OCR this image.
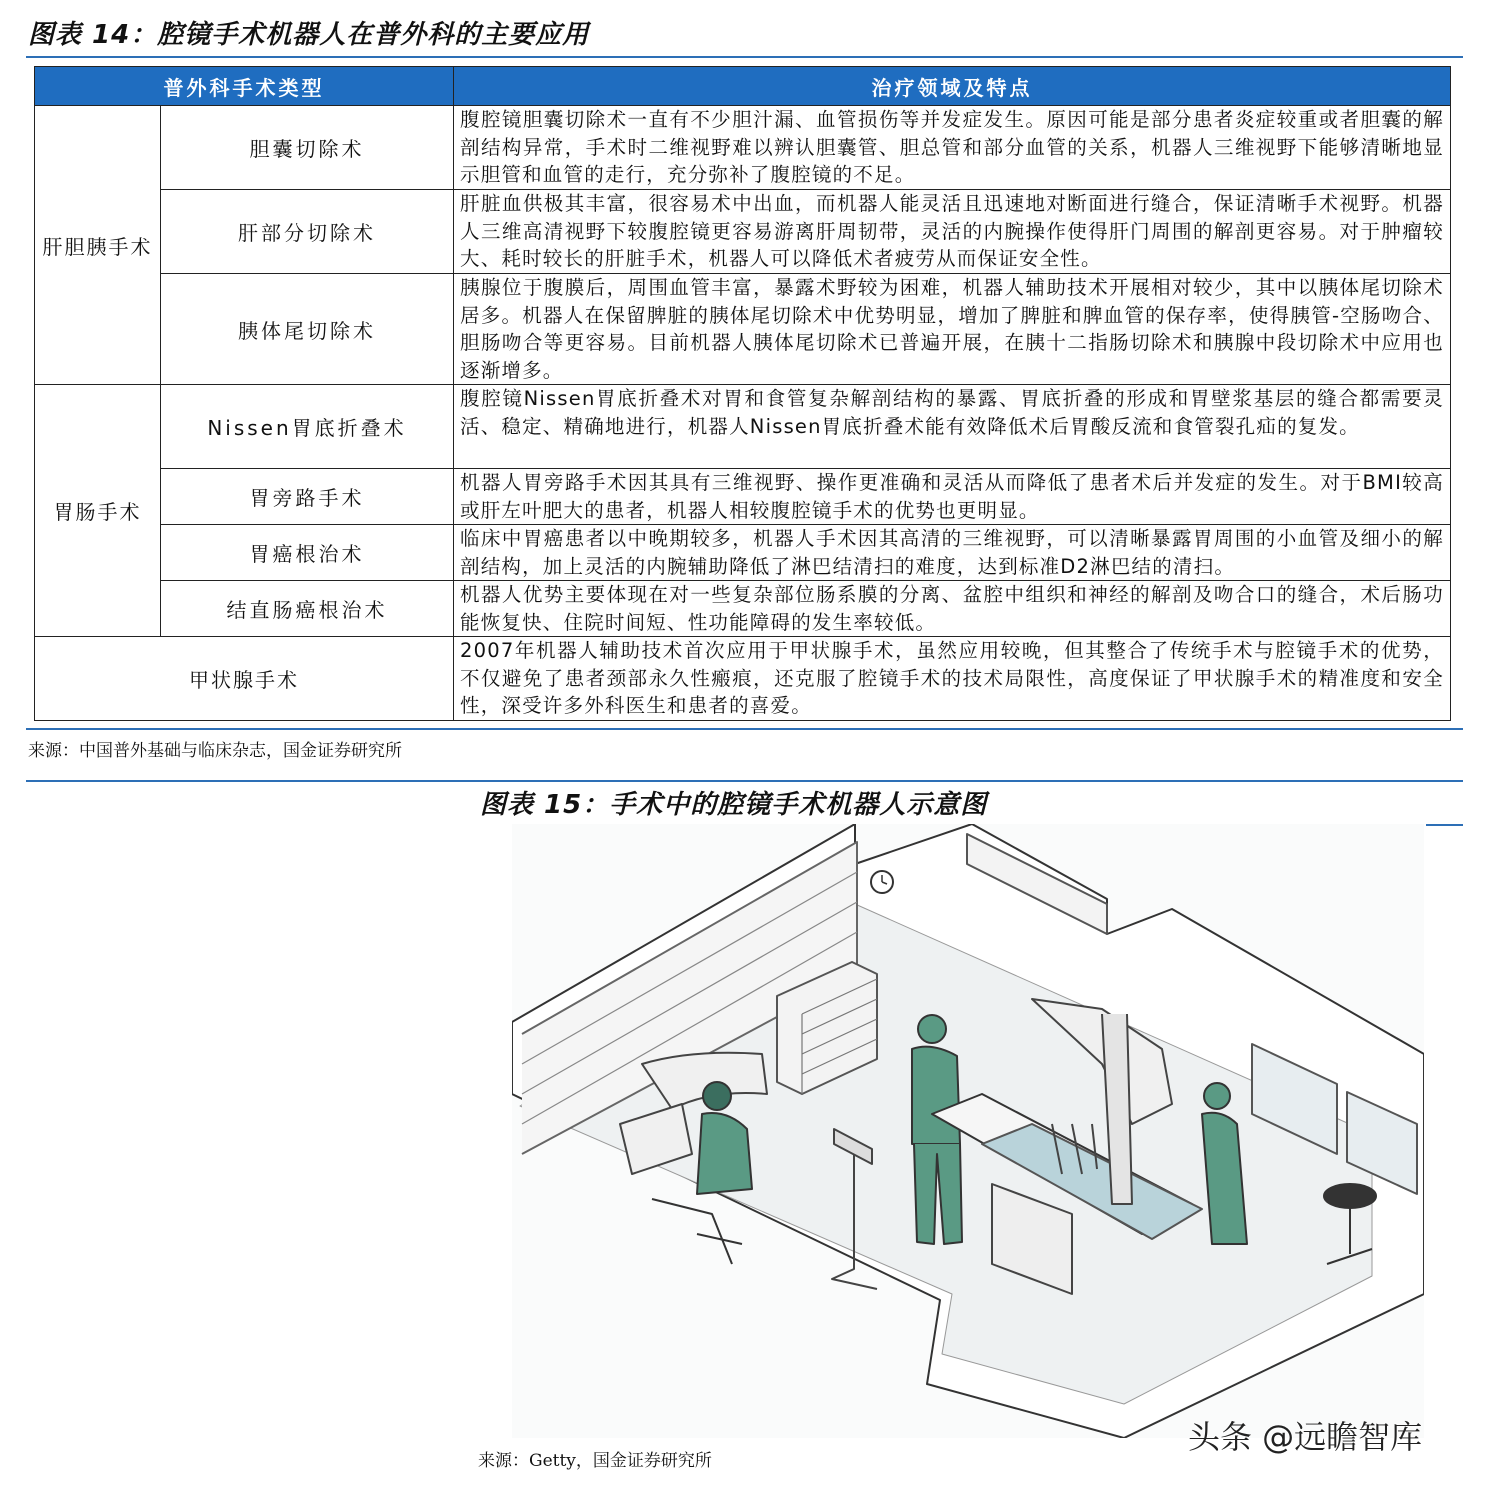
图表 14：腔镜手术机器人在普外科的主要应用
普外科手术类型		治疗领域及特点
肝胆胰手术	胆囊切除术	腹腔镜胆囊切除术一直有不少胆汁漏、血管损伤等并发症发生。原因可能是部分患者炎症较重或者胆囊的解剖结构异常，手术时二维视野难以辨认胆囊管、胆总管和部分血管的关系，机器人三维视野下能够清晰地显示胆管和血管的走行，充分弥补了腹腔镜的不足。
	肝部分切除术	肝脏血供极其丰富，很容易术中出血，而机器人能灵活且迅速地对断面进行缝合，保证清晰手术视野。机器人三维高清视野下较腹腔镜更容易游离肝周韧带，灵活的内腕操作使得肝门周围的解剖更容易。对于肿瘤较大、耗时较长的肝脏手术，机器人可以降低术者疲劳从而保证安全性。
	胰体尾切除术	胰腺位于腹膜后，周围血管丰富，暴露术野较为困难，机器人辅助技术开展相对较少，其中以胰体尾切除术居多。机器人在保留脾脏的胰体尾切除术中优势明显，增加了脾脏和脾血管的保存率，使得胰管-空肠吻合、胆肠吻合等更容易。目前机器人胰体尾切除术已普遍开展，在胰十二指肠切除术和胰腺中段切除术中应用也逐渐增多。
胃肠手术	Nissen胃底折叠术	腹腔镜Nissen胃底折叠术对胃和食管复杂解剖结构的暴露、胃底折叠的形成和胃壁浆基层的缝合都需要灵活、稳定、精确地进行，机器人Nissen胃底折叠术能有效降低术后胃酸反流和食管裂孔疝的复发。
	胃旁路手术	机器人胃旁路手术因其具有三维视野、操作更准确和灵活从而降低了患者术后并发症的发生。对于BMI较高或肝左叶肥大的患者，机器人相较腹腔镜手术的优势也更明显。
	胃癌根治术	临床中胃癌患者以中晚期较多，机器人手术因其高清的三维视野，可以清晰暴露胃周围的小血管及细小的解剖结构，加上灵活的内腕辅助降低了淋巴结清扫的难度，达到标准D2淋巴结的清扫。
	结直肠癌根治术	机器人优势主要体现在对一些复杂部位肠系膜的分离、盆腔中组织和神经的解剖及吻合口的缝合，术后肠功能恢复快、住院时间短、性功能障碍的发生率较低。
甲状腺手术		2007年机器人辅助技术首次应用于甲状腺手术，虽然应用较晚，但其整合了传统手术与腔镜手术的优势，不仅避免了患者颈部永久性瘢痕，还克服了腔镜手术的技术局限性，高度保证了甲状腺手术的精准度和安全性，深受许多外科医生和患者的喜爱。
来源：中国普外基础与临床杂志，国金证券研究所
图表 15：手术中的腔镜手术机器人示意图
头条 @远瞻智库
来源：Getty，国金证券研究所
